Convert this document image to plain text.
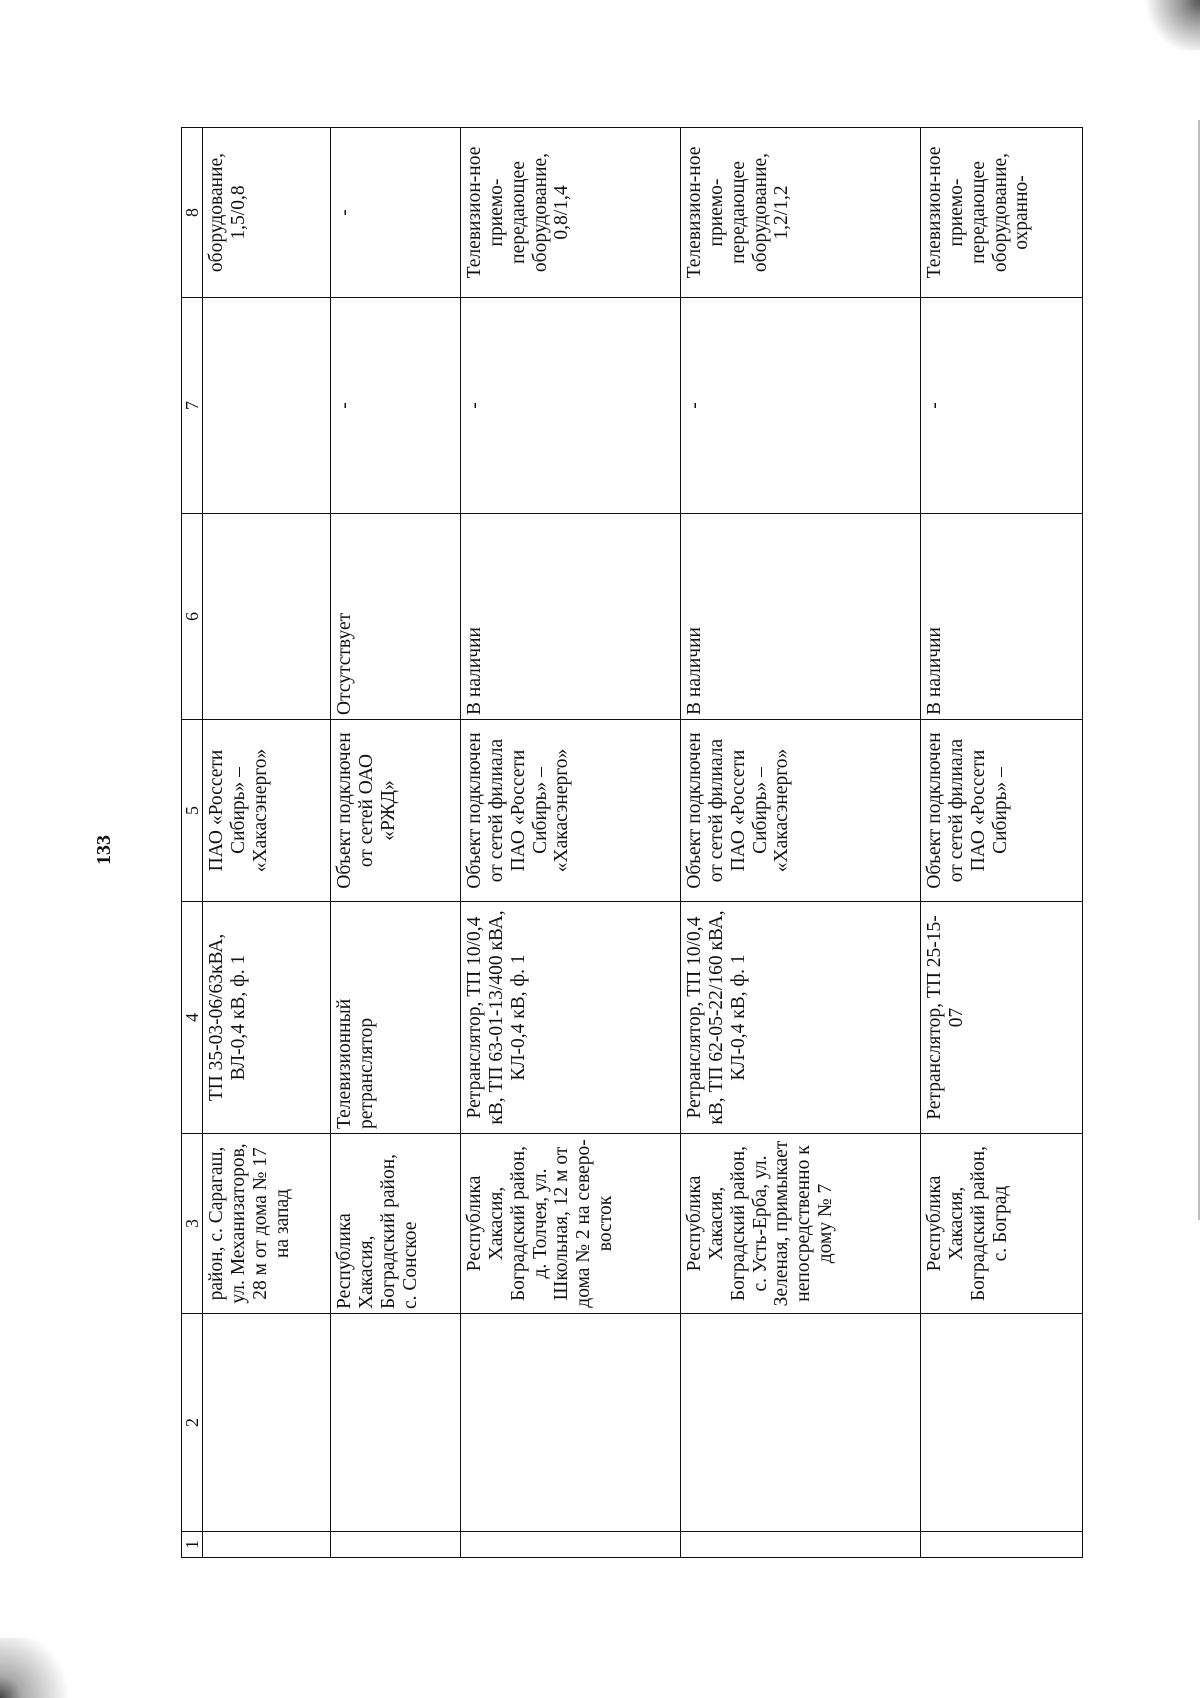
133
1	2	3	4	5	6	7	8
		район, с. Сарагаш, ул. Механизаторов, 28 м от дома № 17 на запад	ТП 35-03-06/63кВА, ВЛ-0,4 кВ, ф. 1	ПАО «Россети Сибирь» – «Хакасэнерго»			оборудование, 1,5/0,8
		Республика Хакасия, Боградский район, с. Сонское	Телевизионный ретранслятор	Объект подключен от сетей ОАО «РЖД»	Отсутствует	-	-
		Республика Хакасия, Боградский район, д. Толчея, ул. Школьная, 12 м от дома № 2 на северо-восток	Ретранслятор, ТП 10/0,4 кВ, ТП 63-01-13/400 кВА, КЛ-0,4 кВ, ф. 1	Объект подключен от сетей филиала ПАО «Россети Сибирь» – «Хакасэнерго»	В наличии	-	Телевизион-ное приемо-передающее оборудование, 0,8/1,4
		Республика Хакасия, Боградский район, с. Усть-Ерба, ул. Зеленая, примыкает непосредственно к дому № 7	Ретранслятор, ТП 10/0,4 кВ, ТП 62-05-22/160 кВА, КЛ-0,4 кВ, ф. 1	Объект подключен от сетей филиала ПАО «Россети Сибирь» – «Хакасэнерго»	В наличии	-	Телевизион-ное приемо-передающее оборудование, 1,2/1,2
		Республика Хакасия, Боградский район, с. Боград	Ретранслятор, ТП 25-15-07	Объект подключен от сетей филиала ПАО «Россети Сибирь» –	В наличии	-	Телевизион-ное приемо-передающее оборудование, охранно-
